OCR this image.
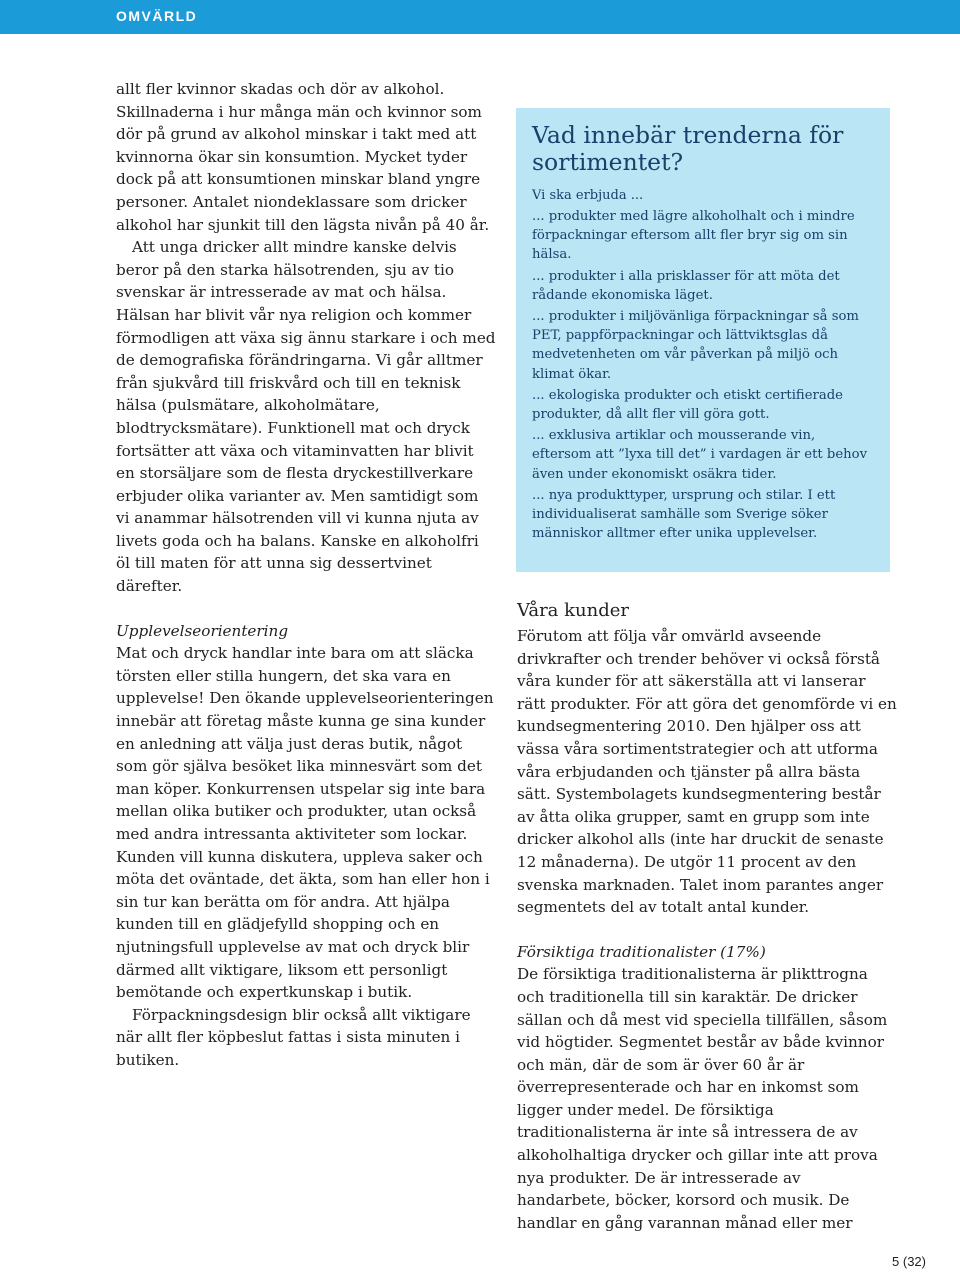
OMVÄRLD

allt fler kvinnor skadas och dör av alkohol. Skillnaderna i hur många män och kvinnor som dör på grund av alkohol minskar i takt med att kvinnorna ökar sin konsumtion. Mycket tyder dock på att konsumtionen minskar bland yngre personer. Antalet niondeklassare som dricker alkohol har sjunkit till den lägsta nivån på 40 år.

Att unga dricker allt mindre kanske delvis beror på den starka hälsotrenden, sju av tio svenskar är intresserade av mat och hälsa. Hälsan har blivit vår nya religion och kommer förmodligen att växa sig ännu starkare i och med de demografiska förändringarna. Vi går alltmer från sjukvård till friskvård och till en teknisk hälsa (pulsmätare, alkoholmätare, blodtrycksmätare). Funktionell mat och dryck fortsätter att växa och vitaminvatten har blivit en storsäljare som de flesta dryckestillverkare erbjuder olika varianter av. Men samtidigt som vi anammar hälsotrenden vill vi kunna njuta av livets goda och ha balans. Kanske en alkoholfri öl till maten för att unna sig dessertvinet därefter.

Upplevelseorientering

Mat och dryck handlar inte bara om att släcka törsten eller stilla hungern, det ska vara en upplevelse! Den ökande upplevelseorienteringen innebär att företag måste kunna ge sina kunder en anledning att välja just deras butik, något som gör själva besöket lika minnesvärt som det man köper. Konkurrensen utspelar sig inte bara mellan olika butiker och produkter, utan också med andra intressanta aktiviteter som lockar. Kunden vill kunna diskutera, uppleva saker och möta det oväntade, det äkta, som han eller hon i sin tur kan berätta om för andra. Att hjälpa kunden till en glädjefylld shopping och en njutningsfull upplevelse av mat och dryck blir därmed allt viktigare, liksom ett personligt bemötande och expertkunskap i butik.

Förpackningsdesign blir också allt viktigare när allt fler köpbeslut fattas i sista minuten i butiken.

Vad innebär trenderna för sortimentet?

Vi ska erbjuda ...

... produkter med lägre alkoholhalt och i mindre förpackningar eftersom allt fler bryr sig om sin hälsa.
... produkter i alla prisklasser för att möta det rådande ekonomiska läget.
... produkter i miljövänliga förpackningar så som PET, pappförpackningar och lättviktsglas då medvetenheten om vår påverkan på miljö och klimat ökar.
... ekologiska produkter och etiskt certifierade produkter, då allt fler vill göra gott.
... exklusiva artiklar och mousserande vin, eftersom att ”lyxa till det” i vardagen är ett behov även under ekonomiskt osäkra tider.
... nya produkttyper, ursprung och stilar. I ett individualiserat samhälle som Sverige söker människor alltmer efter unika upplevelser.

Våra kunder

Förutom att följa vår omvärld avseende drivkrafter och trender behöver vi också förstå våra kunder för att säkerställa att vi lanserar rätt produkter. För att göra det genomförde vi en kundsegmentering 2010. Den hjälper oss att vässa våra sortimentstrategier och att utforma våra erbjudanden och tjänster på allra bästa sätt. Systembolagets kundsegmentering består av åtta olika grupper, samt en grupp som inte dricker alkohol alls (inte har druckit de senaste 12 månaderna). De utgör 11 procent av den svenska marknaden. Talet inom parantes anger segmentets del av totalt antal kunder.

Försiktiga traditionalister (17%)

De försiktiga traditionalisterna är plikttrogna och traditionella till sin karaktär. De dricker sällan och då mest vid speciella tillfällen, såsom vid högtider. Segmentet består av både kvinnor och män, där de som är över 60 år är överrepresenterade och har en inkomst som ligger under medel. De försiktiga traditionalisterna är inte så intressera de av alkoholhaltiga drycker och gillar inte att prova nya produkter. De är intresserade av handarbete, böcker, korsord och musik. De handlar en gång varannan månad eller mer

5 (32)
